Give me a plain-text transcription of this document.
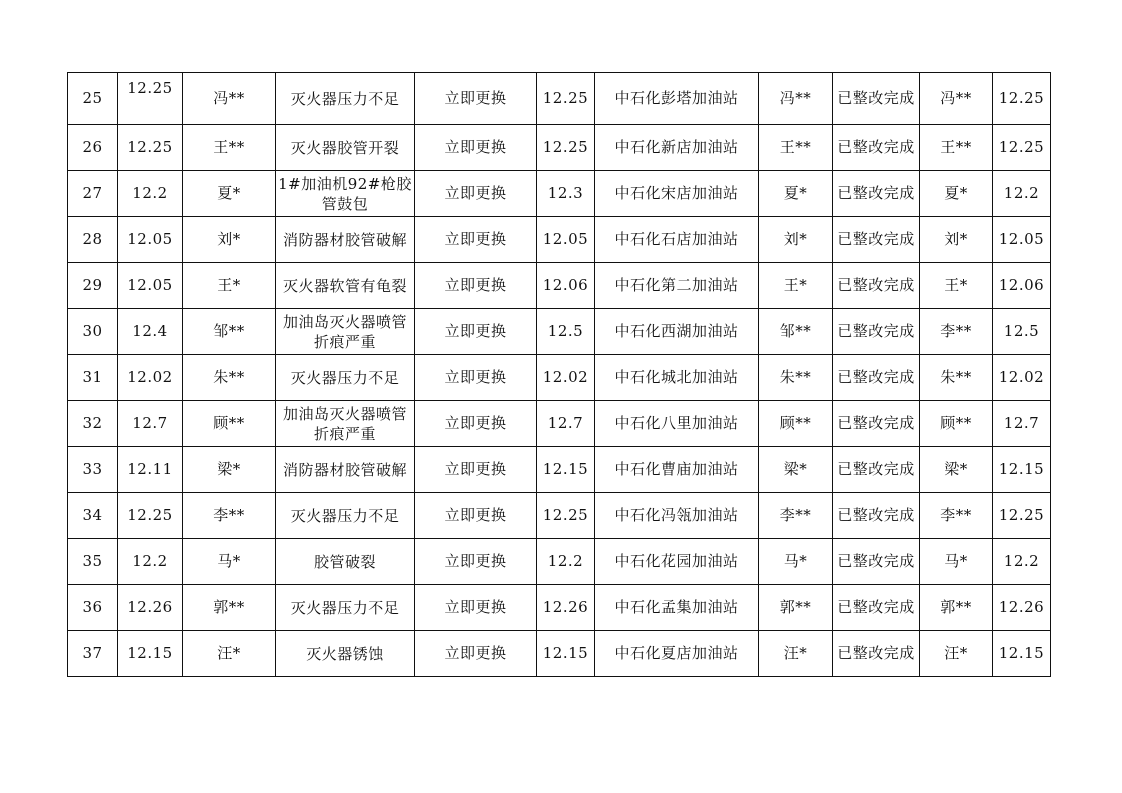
25	12.25	冯**	灭火器压力不足	立即更换	12.25	中石化彭塔加油站	冯**	已整改完成	冯**	12.25
26	12.25	王**	灭火器胶管开裂	立即更换	12.25	中石化新店加油站	王**	已整改完成	王**	12.25
27	12.2	夏*	1#加油机92#枪胶管鼓包	立即更换	12.3	中石化宋店加油站	夏*	已整改完成	夏*	12.2
28	12.05	刘*	消防器材胶管破解	立即更换	12.05	中石化石店加油站	刘*	已整改完成	刘*	12.05
29	12.05	王*	灭火器软管有龟裂	立即更换	12.06	中石化第二加油站	王*	已整改完成	王*	12.06
30	12.4	邹**	加油岛灭火器喷管折痕严重	立即更换	12.5	中石化西湖加油站	邹**	已整改完成	李**	12.5
31	12.02	朱**	灭火器压力不足	立即更换	12.02	中石化城北加油站	朱**	已整改完成	朱**	12.02
32	12.7	顾**	加油岛灭火器喷管折痕严重	立即更换	12.7	中石化八里加油站	顾**	已整改完成	顾**	12.7
33	12.11	梁*	消防器材胶管破解	立即更换	12.15	中石化曹庙加油站	梁*	已整改完成	梁*	12.15
34	12.25	李**	灭火器压力不足	立即更换	12.25	中石化冯瓴加油站	李**	已整改完成	李**	12.25
35	12.2	马*	胶管破裂	立即更换	12.2	中石化花园加油站	马*	已整改完成	马*	12.2
36	12.26	郭**	灭火器压力不足	立即更换	12.26	中石化孟集加油站	郭**	已整改完成	郭**	12.26
37	12.15	汪*	灭火器锈蚀	立即更换	12.15	中石化夏店加油站	汪*	已整改完成	汪*	12.15
